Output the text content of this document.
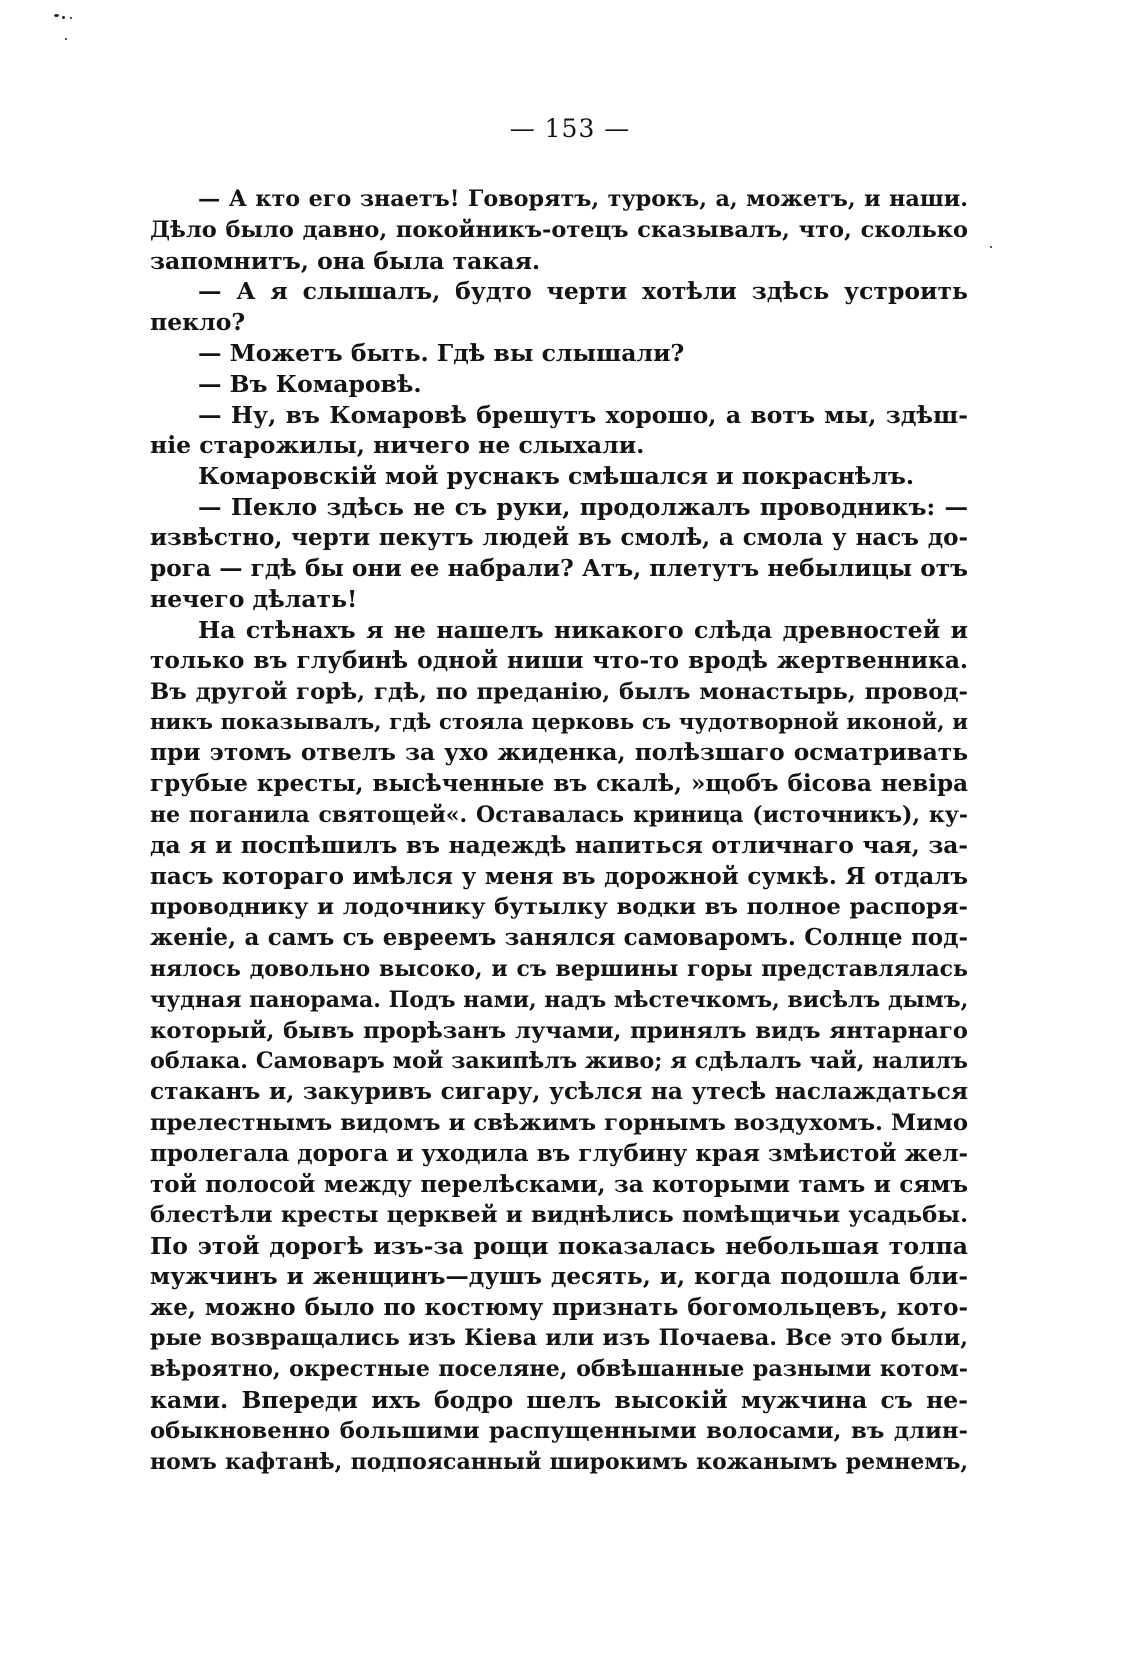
— 153 —
— А кто его знаетъ! Говорятъ, турокъ, а, можетъ, и наши.
Дѣло было давно, покойникъ-отецъ сказывалъ, что, сколько
запомнитъ, она была такая.
— А я слышалъ, будто черти хотѣли здѣсь устроить
пекло?
— Можетъ быть. Гдѣ вы слышали?
— Въ Комаровѣ.
— Ну, въ Комаровѣ брешутъ хорошо, а вотъ мы, здѣш-
ніе старожилы, ничего не слыхали.
Комаровскій мой руснакъ смѣшался и покраснѣлъ.
— Пекло здѣсь не съ руки, продолжалъ проводникъ: —
извѣстно, черти пекутъ людей въ смолѣ, а смола у насъ до-
рога — гдѣ бы они ее набрали? Атъ, плетутъ небылицы отъ
нечего дѣлать!
На стѣнахъ я не нашелъ никакого слѣда древностей и
только въ глубинѣ одной ниши что-то вродѣ жертвенника.
Въ другой горѣ, гдѣ, по преданію, былъ монастырь, провод-
никъ показывалъ, гдѣ стояла церковь съ чудотворной иконой, и
при этомъ отвелъ за ухо жиденка, полѣзшаго осматривать
грубые кресты, высѣченные въ скалѣ, »щобъ бісова невіра
не поганила святощей«. Оставалась криница (источникъ), ку-
да я и поспѣшилъ въ надеждѣ напиться отличнаго чая, за-
пасъ котораго имѣлся у меня въ дорожной сумкѣ. Я отдалъ
проводнику и лодочнику бутылку водки въ полное распоря-
женіе, а самъ съ евреемъ занялся самоваромъ. Солнце под-
нялось довольно высоко, и съ вершины горы представлялась
чудная панорама. Подъ нами, надъ мѣстечкомъ, висѣлъ дымъ,
который, бывъ прорѣзанъ лучами, принялъ видъ янтарнаго
облака. Самоваръ мой закипѣлъ живо; я сдѣлалъ чай, налилъ
стаканъ и, закуривъ сигару, усѣлся на утесѣ наслаждаться
прелестнымъ видомъ и свѣжимъ горнымъ воздухомъ. Мимо
пролегала дорога и уходила въ глубину края змѣистой жел-
той полосой между перелѣсками, за которыми тамъ и сямъ
блестѣли кресты церквей и виднѣлись помѣщичьи усадьбы.
По этой дорогѣ изъ-за рощи показалась небольшая толпа
мужчинъ и женщинъ—душъ десять, и, когда подошла бли-
же, можно было по костюму признать богомольцевъ, кото-
рые возвращались изъ Кіева или изъ Почаева. Все это были,
вѣроятно, окрестные поселяне, обвѣшанные разными котом-
ками. Впереди ихъ бодро шелъ высокій мужчина съ не-
обыкновенно большими распущенными волосами, въ длин-
номъ кафтанѣ, подпоясанный широкимъ кожанымъ ремнемъ,
